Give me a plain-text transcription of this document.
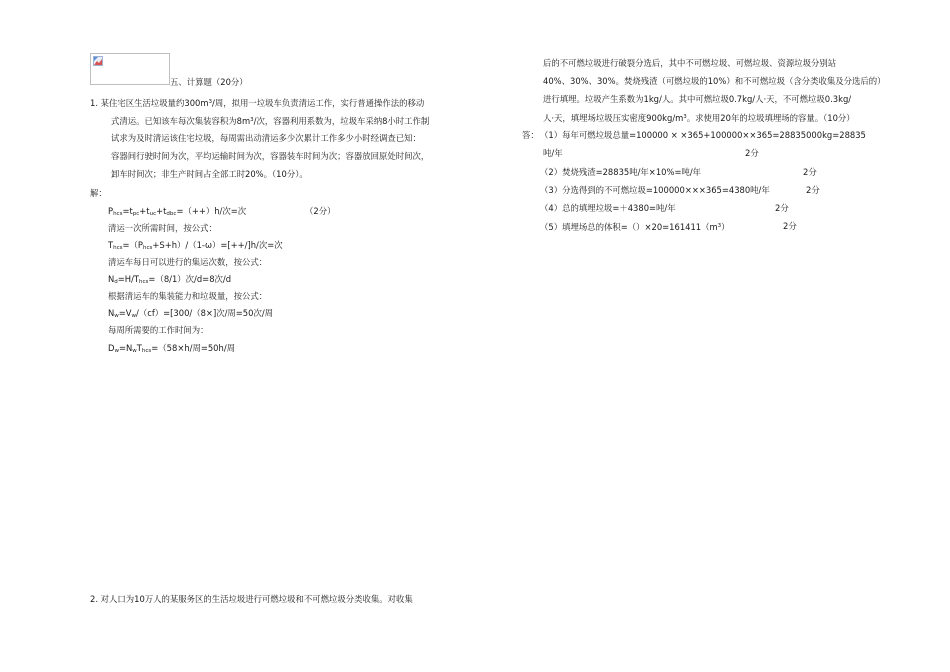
五、计算题（20分）
1. 某住宅区生活垃圾量约$300m^3/$周，拟用一垃圾车负责清运工作，实行普通操作法的移动
式清运。已知该车每次集装容积为$8m^3/$次，容器利用系数为，垃圾车采纳8小时工作制
试求为及时清运该住宅垃圾，每周需出动清运多少次累计工作多少小时经调查已知：
容器间行驶时间为次，平均运输时间为次，容器装车时间为次；容器放回原处时间次，
卸车时间次；非生产时间占全部工时20%。（10分）。
解：
Phcs=tpc+tuc+tdbc=（++）h/次=次	（2分）
清运一次所需时间，按公式：
Thcs=（Phcs+S+h）/（1-ω）=[++/]h/次=次
清运车每日可以进行的集运次数，按公式：
Nd=H/Thcs=（8/1）次/d=8次/d
根据清运车的集装能力和垃圾量，按公式：
Nw=Vw/（cf）=[300/（8×]次/周=50次/周
每周所需要的工作时间为：
Dw=NwThcs=（58×h/周=50h/周
2. 对人口为10万人的某服务区的生活垃圾进行可燃垃圾和不可燃垃圾分类收集。对收集
后的不可燃垃圾进行破裂分选后，其中不可燃垃圾、可燃垃圾、资源垃圾分别站
40%、30%、30%。焚烧残渣（可燃垃圾的10%）和不可燃垃圾（含分类收集及分选后的）
进行填埋。垃圾产生系数为1kg/人。其中可燃垃圾0.7kg/人·天，不可燃垃圾0.3kg/
人·天，填埋场垃圾压实密度$900kg/m^3$。求使用20年的垃圾填埋场的容量。（10分）
答： （1）每年可燃垃圾总量=100000 × ×365+100000××365=28835000kg=28835
吨/年	2分
（2）焚烧残渣=28835吨/年×10%=吨/年	2分
（3）分选得到的不可燃垃圾=100000×××365=4380吨/年	2分
（4）总的填埋垃圾=＋4380=吨/年	2分
（5）填埋场总的体积$=()\times 20=161411(m^3)$	2分
